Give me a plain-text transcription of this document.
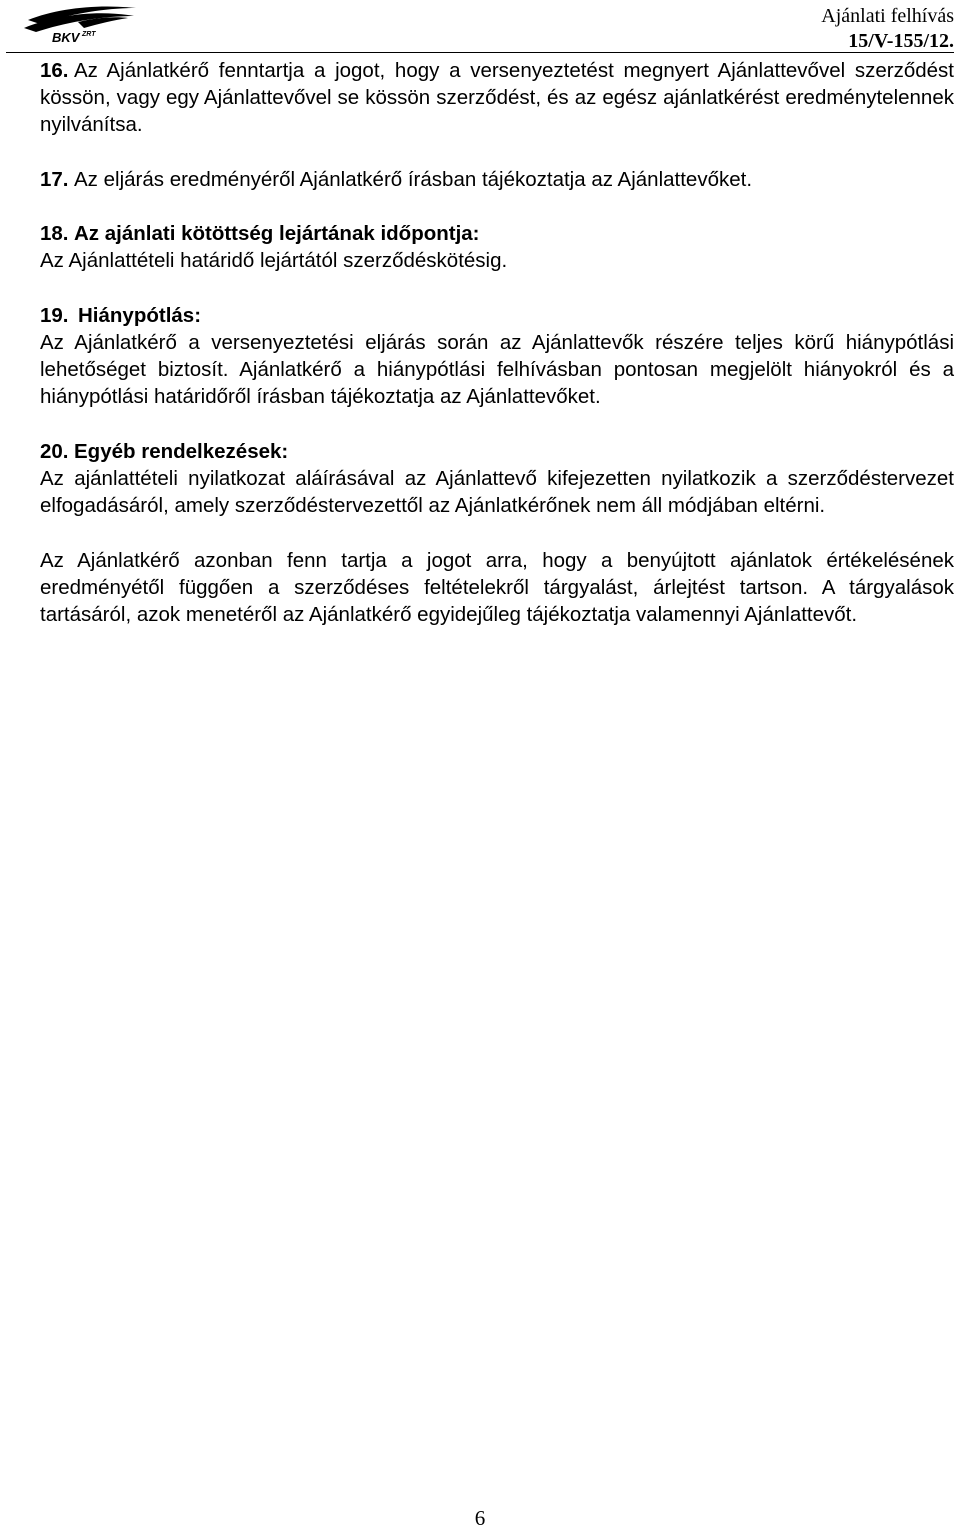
BKV ZRT
Ajánlati felhívás
15/V-155/12.

16. Az Ajánlatkérő fenntartja a jogot, hogy a versenyeztetést megnyert Ajánlattevővel szerződést kössön, vagy egy Ajánlattevővel se kössön szerződést, és az egész ajánlatkérést eredménytelennek nyilvánítsa.

17. Az eljárás eredményéről Ajánlatkérő írásban tájékoztatja az Ajánlattevőket.

18. Az ajánlati kötöttség lejártának időpontja:
Az Ajánlattételi határidő lejártától szerződéskötésig.

19. Hiánypótlás:
Az Ajánlatkérő a versenyeztetési eljárás során az Ajánlattevők részére teljes körű hiánypótlási lehetőséget biztosít. Ajánlatkérő a hiánypótlási felhívásban pontosan megjelölt hiányokról és a hiánypótlási határidőről írásban tájékoztatja az Ajánlattevőket.

20. Egyéb rendelkezések:
Az ajánlattételi nyilatkozat aláírásával az Ajánlattevő kifejezetten nyilatkozik a szerződéstervezet elfogadásáról, amely szerződéstervezettől az Ajánlatkérőnek nem áll módjában eltérni.

Az Ajánlatkérő azonban fenn tartja a jogot arra, hogy a benyújtott ajánlatok értékelésének eredményétől függően a szerződéses feltételekről tárgyalást, árlejtést tartson. A tárgyalások tartásáról, azok menetéről az Ajánlatkérő egyidejűleg tájékoztatja valamennyi Ajánlattevőt.

6
